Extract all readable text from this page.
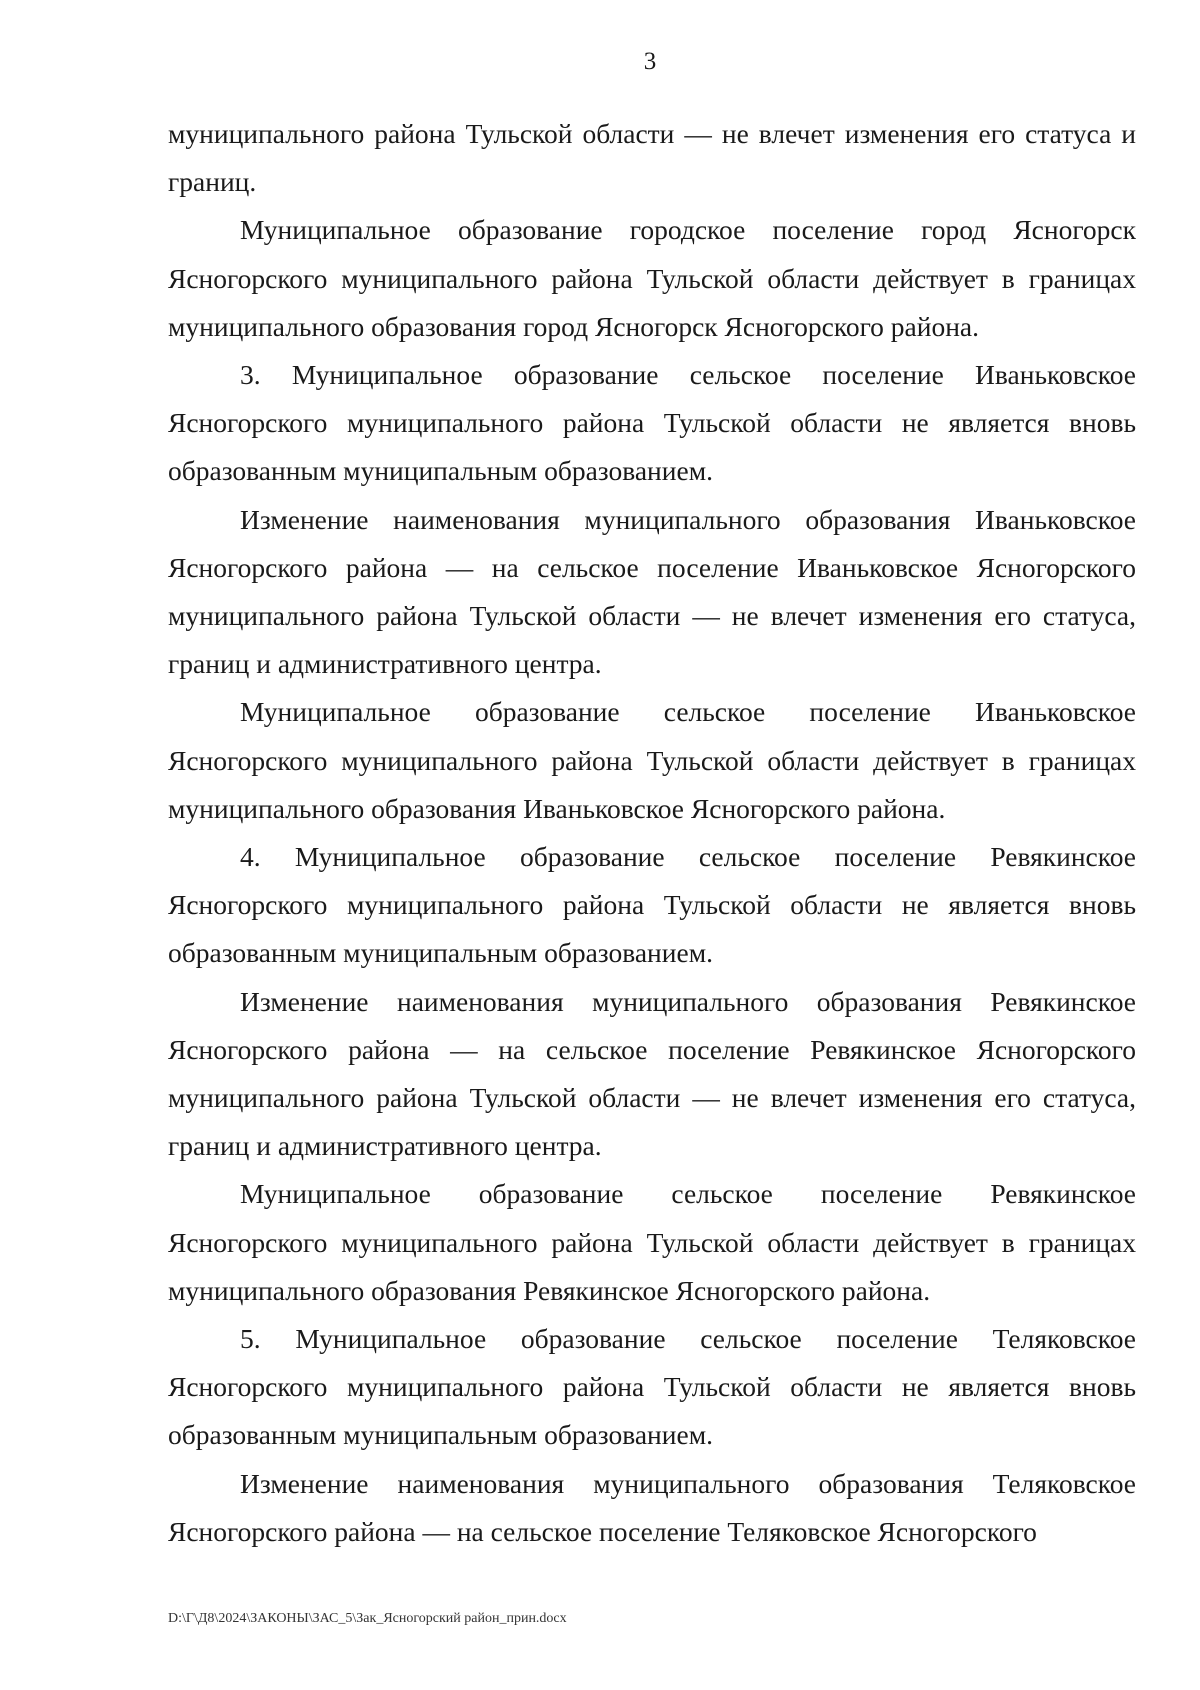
3

муниципального района Тульской области — не влечет изменения его статуса и границ.

Муниципальное образование городское поселение город Ясногорск Ясногорского муниципального района Тульской области действует в границах муниципального образования город Ясногорск Ясногорского района.

3. Муниципальное образование сельское поселение Иваньковское Ясногорского муниципального района Тульской области не является вновь образованным муниципальным образованием.

Изменение наименования муниципального образования Иваньковское Ясногорского района — на сельское поселение Иваньковское Ясногорского муниципального района Тульской области — не влечет изменения его статуса, границ и административного центра.

Муниципальное образование сельское поселение Иваньковское Ясногорского муниципального района Тульской области действует в границах муниципального образования Иваньковское Ясногорского района.

4. Муниципальное образование сельское поселение Ревякинское Ясногорского муниципального района Тульской области не является вновь образованным муниципальным образованием.

Изменение наименования муниципального образования Ревякинское Ясногорского района — на сельское поселение Ревякинское Ясногорского муниципального района Тульской области — не влечет изменения его статуса, границ и административного центра.

Муниципальное образование сельское поселение Ревякинское Ясногорского муниципального района Тульской области действует в границах муниципального образования Ревякинское Ясногорского района.

5. Муниципальное образование сельское поселение Теляковское Ясногорского муниципального района Тульской области не является вновь образованным муниципальным образованием.

Изменение наименования муниципального образования Теляковское Ясногорского района — на сельское поселение Теляковское Ясногорского

D:\Г\Д8\2024\ЗАКОНЫ\ЗАС_5\Зак_Ясногорский район_прин.docx
